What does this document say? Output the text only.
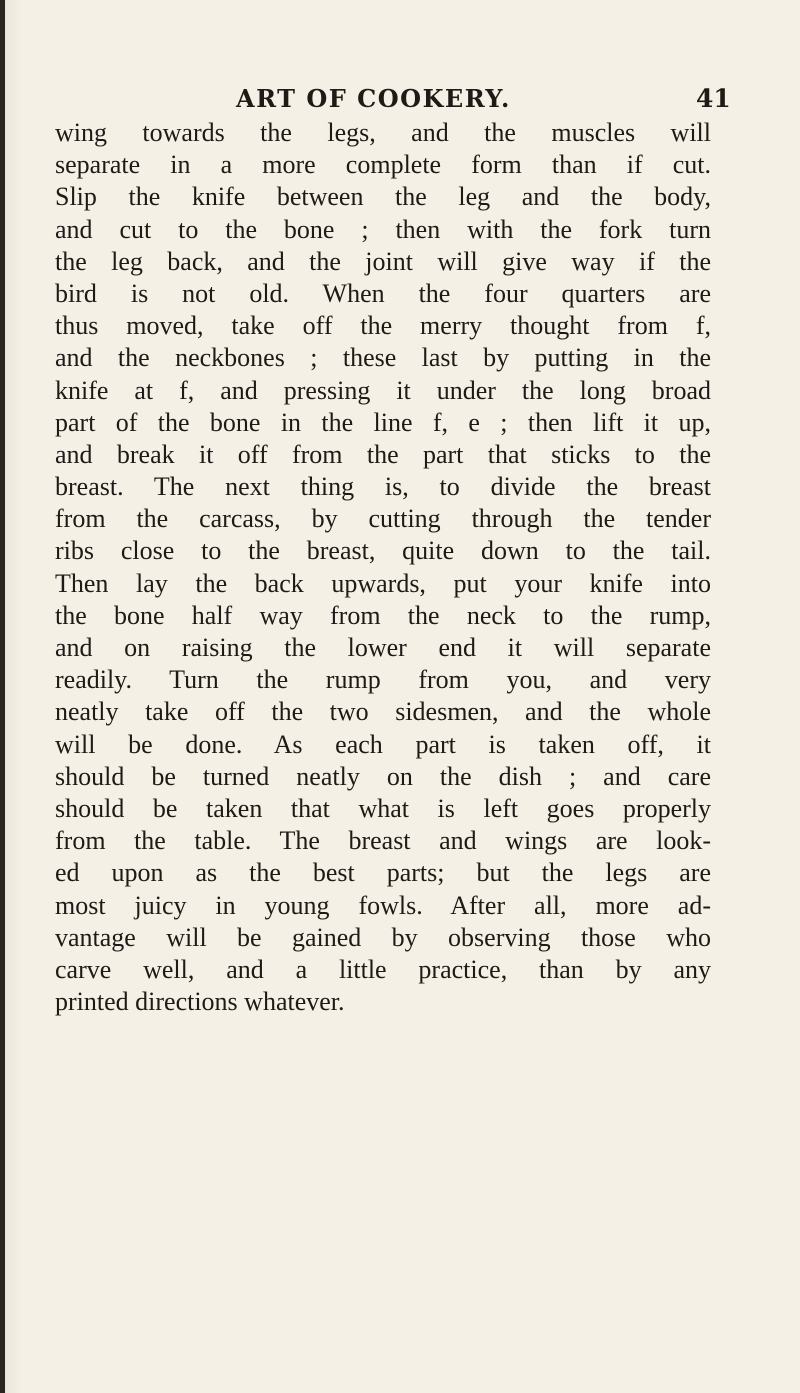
ART OF COOKERY.	41
wing towards the legs, and the muscles will
separate in a more complete form than if cut.
Slip the knife between the leg and the body,
and cut to the bone ; then with the fork turn
the leg back, and the joint will give way if the
bird is not old. When the four quarters are
thus moved, take off the merry thought from f,
and the neckbones ; these last by putting in the
knife at f, and pressing it under the long broad
part of the bone in the line f, e ; then lift it up,
and break it off from the part that sticks to the
breast. The next thing is, to divide the breast
from the carcass, by cutting through the tender
ribs close to the breast, quite down to the tail.
Then lay the back upwards, put your knife into
the bone half way from the neck to the rump,
and on raising the lower end it will separate
readily. Turn the rump from you, and very
neatly take off the two sidesmen, and the whole
will be done. As each part is taken off, it
should be turned neatly on the dish ; and care
should be taken that what is left goes properly
from the table. The breast and wings are look-
ed upon as the best parts; but the legs are
most juicy in young fowls. After all, more ad-
vantage will be gained by observing those who
carve well, and a little practice, than by any
printed directions whatever.
